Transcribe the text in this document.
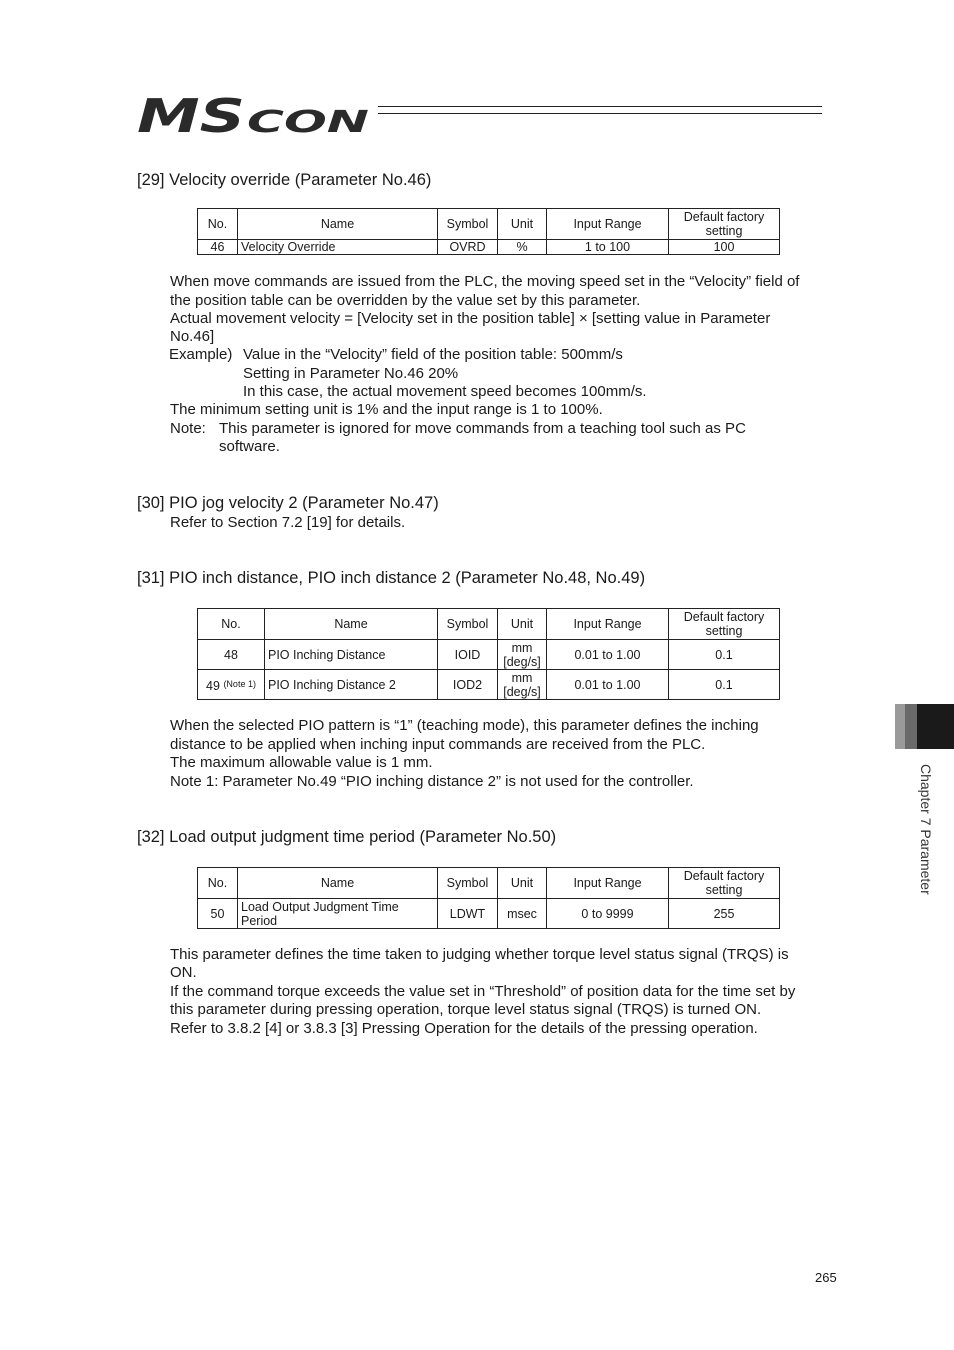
MS CON
[29] Velocity override (Parameter No.46)
No.	Name	Symbol	Unit	Input Range	Default factory setting
46	Velocity Override	OVRD	%	1 to 100	100
When move commands are issued from the PLC, the moving speed set in the “Velocity” field of
the position table can be overridden by the value set by this parameter.
Actual movement velocity = [Velocity set in the position table] × [setting value in Parameter
No.46]
Example) Value in the “Velocity” field of the position table: 500mm/s
Setting in Parameter No.46 20%
In this case, the actual movement speed becomes 100mm/s.
The minimum setting unit is 1% and the input range is 1 to 100%.
Note: This parameter is ignored for move commands from a teaching tool such as PC
software.
[30] PIO jog velocity 2 (Parameter No.47)
Refer to Section 7.2 [19] for details.
[31] PIO inch distance, PIO inch distance 2 (Parameter No.48, No.49)
No.	Name	Symbol	Unit	Input Range	Default factory setting
48	PIO Inching Distance	IOID	mm [deg/s]	0.01 to 1.00	0.1
49 $^{(Note 1)}$	PIO Inching Distance 2	IOD2	mm [deg/s]	0.01 to 1.00	0.1
When the selected PIO pattern is “1” (teaching mode), this parameter defines the inching
distance to be applied when inching input commands are received from the PLC.
The maximum allowable value is 1 mm.
Note 1: Parameter No.49 “PIO inching distance 2” is not used for the controller.
[32] Load output judgment time period (Parameter No.50)
No.	Name	Symbol	Unit	Input Range	Default factory setting
50	Load Output Judgment Time Period	LDWT	msec	0 to 9999	255
This parameter defines the time taken to judging whether torque level status signal (TRQS) is
ON.
If the command torque exceeds the value set in “Threshold” of position data for the time set by
this parameter during pressing operation, torque level status signal (TRQS) is turned ON.
Refer to 3.8.2 [4] or 3.8.3 [3] Pressing Operation for the details of the pressing operation.
Chapter 7 Parameter
265
